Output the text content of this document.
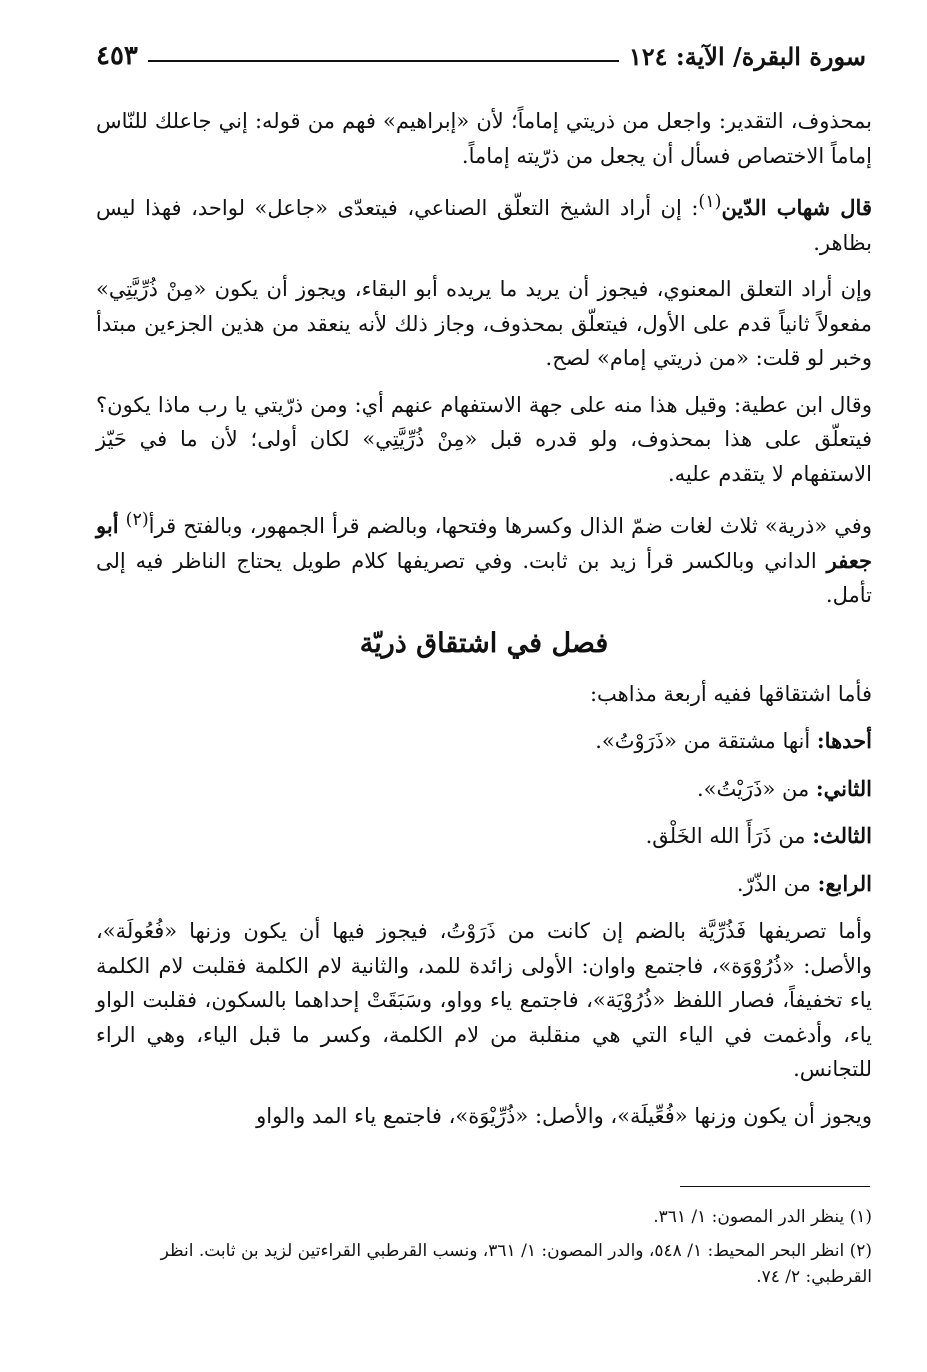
سورة البقرة/ الآية: ١٢٤
٤٥٣

بمحذوف، التقدير: واجعل من ذريتي إماماً؛ لأن «إبراهيم» فهم من قوله: إني جاعلك للنّاس إماماً الاختصاص فسأل أن يجعل من ذرّيته إماماً.

قال شهاب الدّين$^{(١)}$: إن أراد الشيخ التعلّق الصناعي، فيتعدّى «جاعل» لواحد، فهذا ليس بظاهر.

وإن أراد التعلق المعنوي، فيجوز أن يريد ما يريده أبو البقاء، ويجوز أن يكون «مِنْ ذُرِّيَّتِي» مفعولاً ثانياً قدم على الأول، فيتعلّق بمحذوف، وجاز ذلك لأنه ينعقد من هذين الجزءين مبتدأ وخبر لو قلت: «من ذريتي إمام» لصح.

وقال ابن عطية: وقيل هذا منه على جهة الاستفهام عنهم أي: ومن ذرّيتي يا رب ماذا يكون؟ فيتعلّق على هذا بمحذوف، ولو قدره قبل «مِنْ ذُرِّيَّتِي» لكان أولى؛ لأن ما في حَيّز الاستفهام لا يتقدم عليه.

وفي «ذرية» ثلاث لغات ضمّ الذال وكسرها وفتحها، وبالضم قرأ الجمهور، وبالفتح قرأ$^{(٢)}$ أبو جعفر الداني وبالكسر قرأ زيد بن ثابت. وفي تصريفها كلام طويل يحتاج الناظر فيه إلى تأمل.

فصل في اشتقاق ذريّة

فأما اشتقاقها ففيه أربعة مذاهب:

أحدها: أنها مشتقة من «ذَرَوْتُ».

الثاني: من «ذَرَيْتُ».

الثالث: من ذَرَأَ الله الخَلْق.

الرابع: من الذّرّ.

وأما تصريفها فَذُرِّيَّة بالضم إن كانت من ذَرَوْتُ، فيجوز فيها أن يكون وزنها «فُعُولَة»، والأصل: «ذُرُوْوَة»، فاجتمع واوان: الأولى زائدة للمد، والثانية لام الكلمة فقلبت لام الكلمة ياء تخفيفاً، فصار اللفظ «ذُرُوْيَة»، فاجتمع ياء وواو، وسَبَقَتْ إحداهما بالسكون، فقلبت الواو ياء، وأدغمت في الياء التي هي منقلبة من لام الكلمة، وكسر ما قبل الياء، وهي الراء للتجانس.

ويجوز أن يكون وزنها «فُعِّيلَة»، والأصل: «ذُرِّيْوَة»، فاجتمع ياء المد والواو

(١) ينظر الدر المصون: ١/ ٣٦١.

(٢) انظر البحر المحيط: ١/ ٥٤٨، والدر المصون: ١/ ٣٦١، ونسب القرطبي القراءتين لزيد بن ثابت. انظر القرطبي: ٢/ ٧٤.
